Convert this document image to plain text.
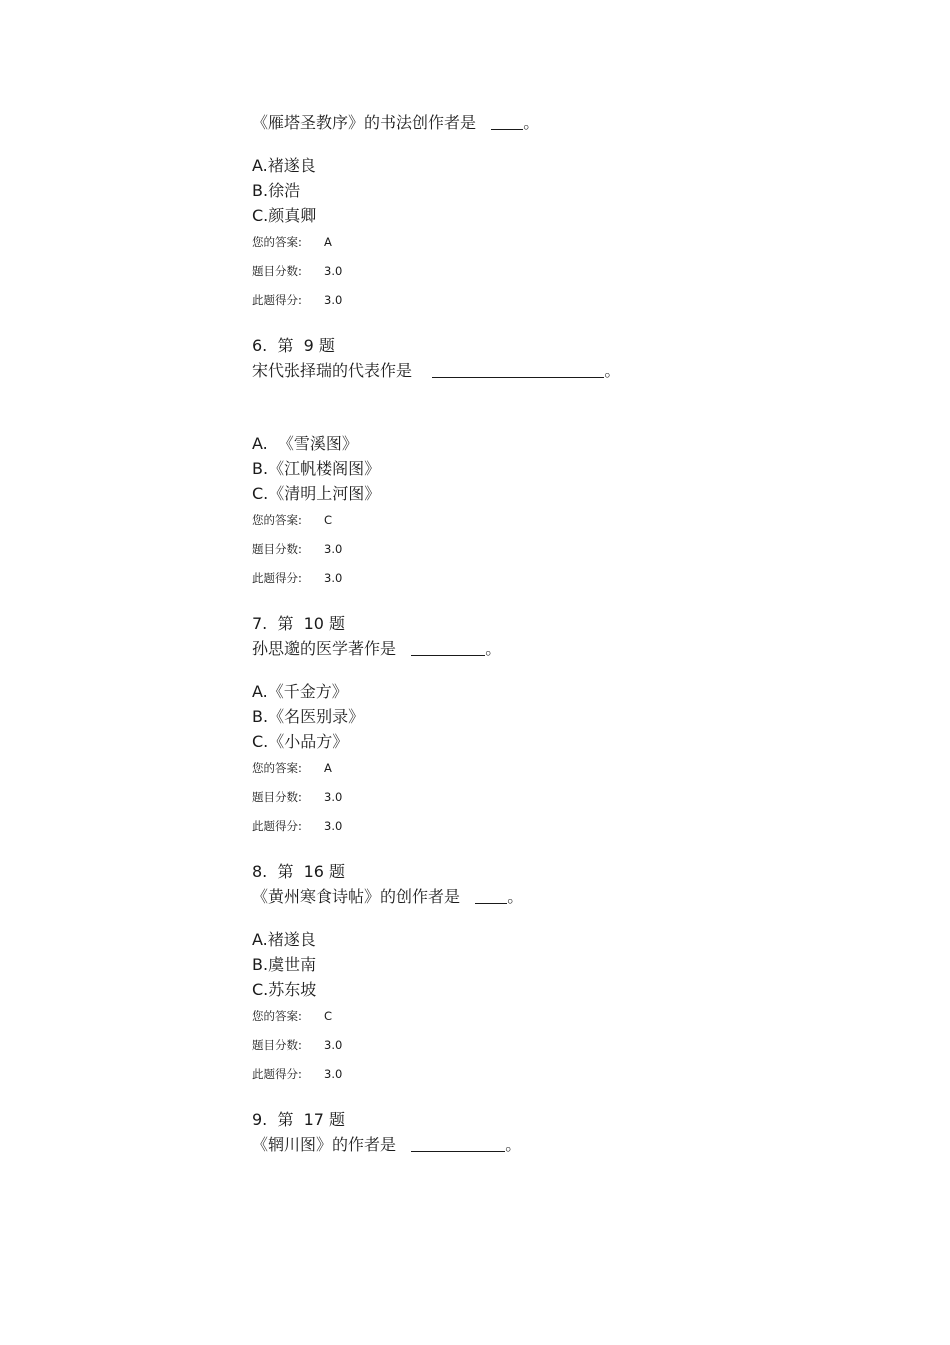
《雁塔圣教序》的书法创作者是	。
A.褚遂良
B.徐浩
C.颜真卿
您的答案:	A
题目分数:	3.0
此题得分:	3.0
6.  第  9 题
宋代张择瑞的代表作是	。
A.  《雪溪图》
B.《江帆楼阁图》
C.《清明上河图》
您的答案:	C
题目分数:	3.0
此题得分:	3.0
7.  第  10 题
孙思邈的医学著作是	。
A.《千金方》
B.《名医别录》
C.《小品方》
您的答案:	A
题目分数:	3.0
此题得分:	3.0
8.  第  16 题
《黄州寒食诗帖》的创作者是	。
A.褚遂良
B.虞世南
C.苏东坡
您的答案:	C
题目分数:	3.0
此题得分:	3.0
9.  第  17 题
《辋川图》的作者是	。
